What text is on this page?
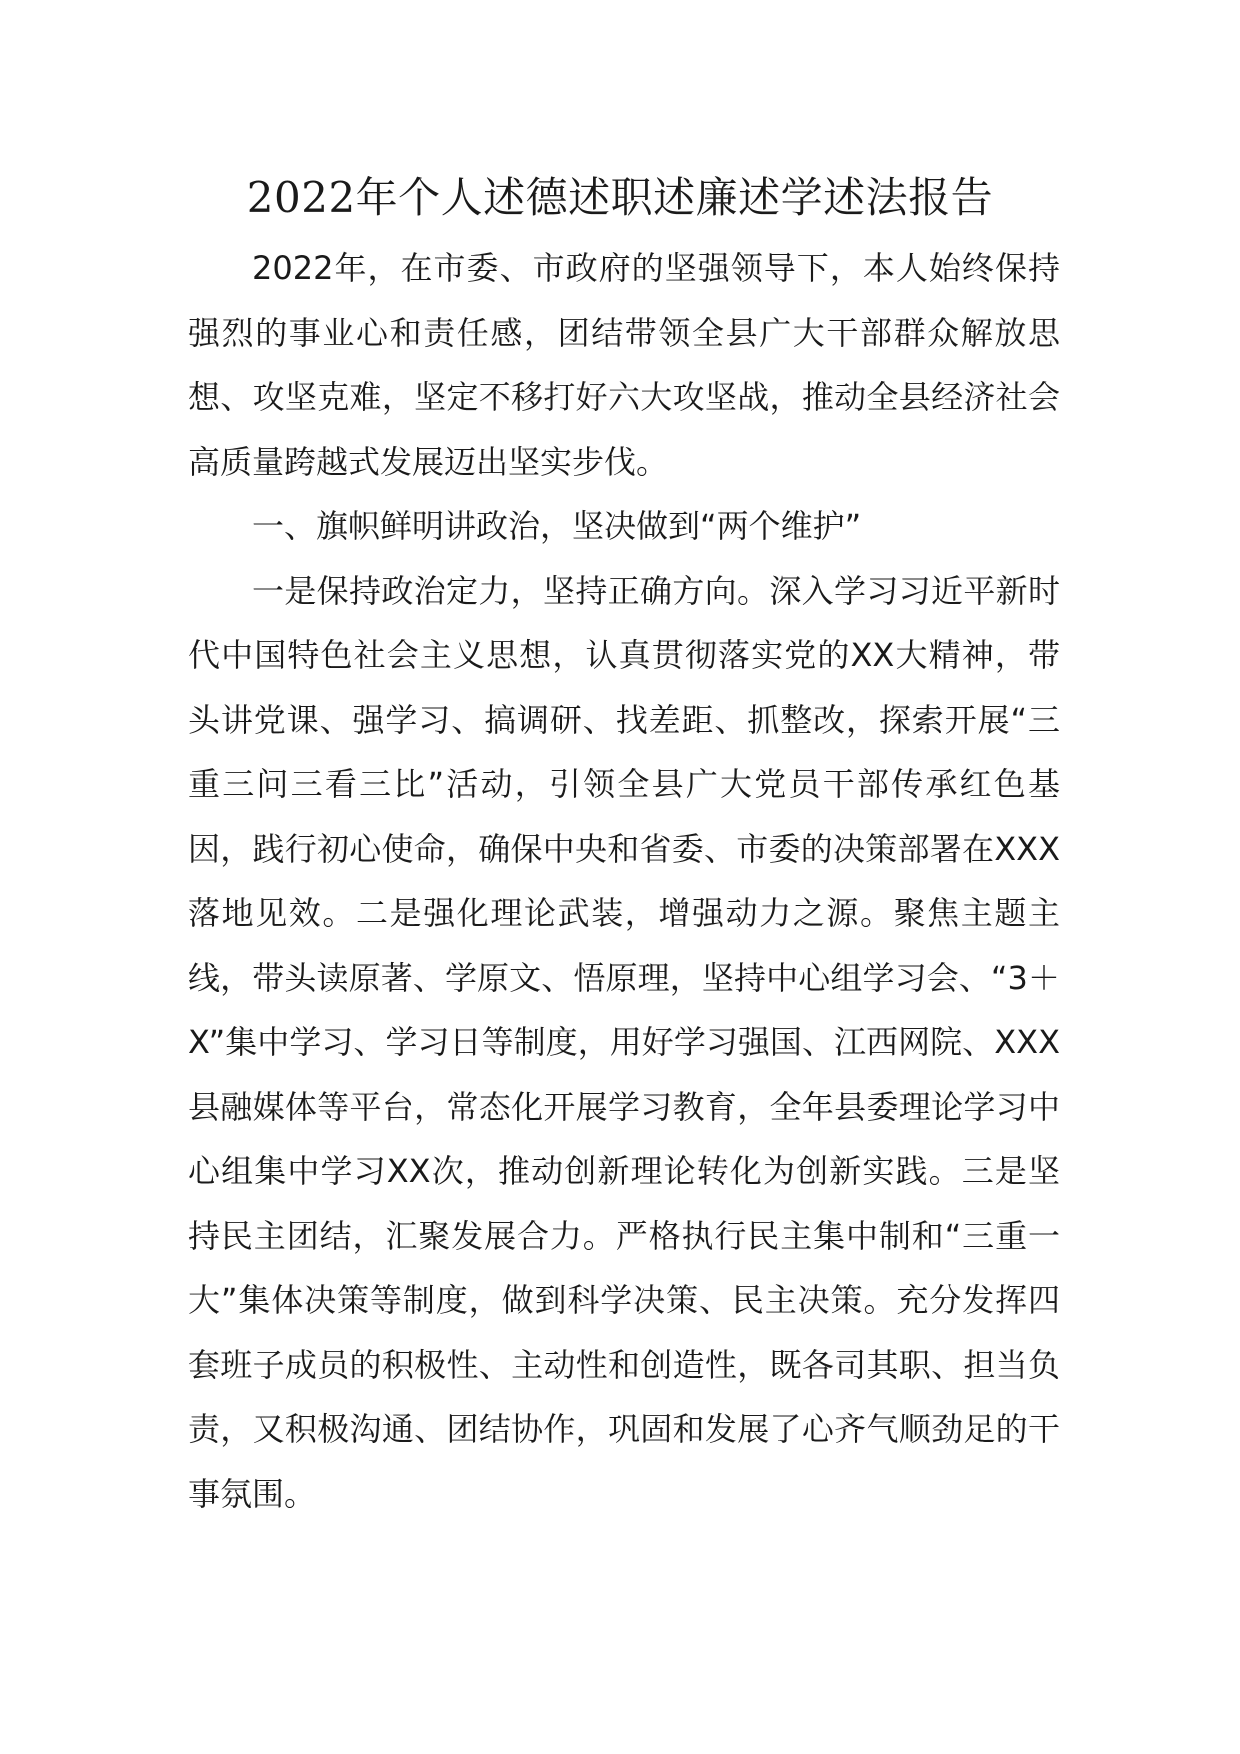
2022年个人述德述职述廉述学述法报告

2022年，在市委、市政府的坚强领导下，本人始终保持强烈的事业心和责任感，团结带领全县广大干部群众解放思想、攻坚克难，坚定不移打好六大攻坚战，推动全县经济社会高质量跨越式发展迈出坚实步伐。

一、旗帜鲜明讲政治，坚决做到“两个维护”

一是保持政治定力，坚持正确方向。深入学习习近平新时代中国特色社会主义思想，认真贯彻落实党的XX大精神，带头讲党课、强学习、搞调研、找差距、抓整改，探索开展“三重三问三看三比”活动，引领全县广大党员干部传承红色基因，践行初心使命，确保中央和省委、市委的决策部署在XXX落地见效。二是强化理论武装，增强动力之源。聚焦主题主线，带头读原著、学原文、悟原理，坚持中心组学习会、“3＋X”集中学习、学习日等制度，用好学习强国、江西网院、XXX县融媒体等平台，常态化开展学习教育，全年县委理论学习中心组集中学习XX次，推动创新理论转化为创新实践。三是坚持民主团结，汇聚发展合力。严格执行民主集中制和“三重一大”集体决策等制度，做到科学决策、民主决策。充分发挥四套班子成员的积极性、主动性和创造性，既各司其职、担当负责，又积极沟通、团结协作，巩固和发展了心齐气顺劲足的干事氛围。
